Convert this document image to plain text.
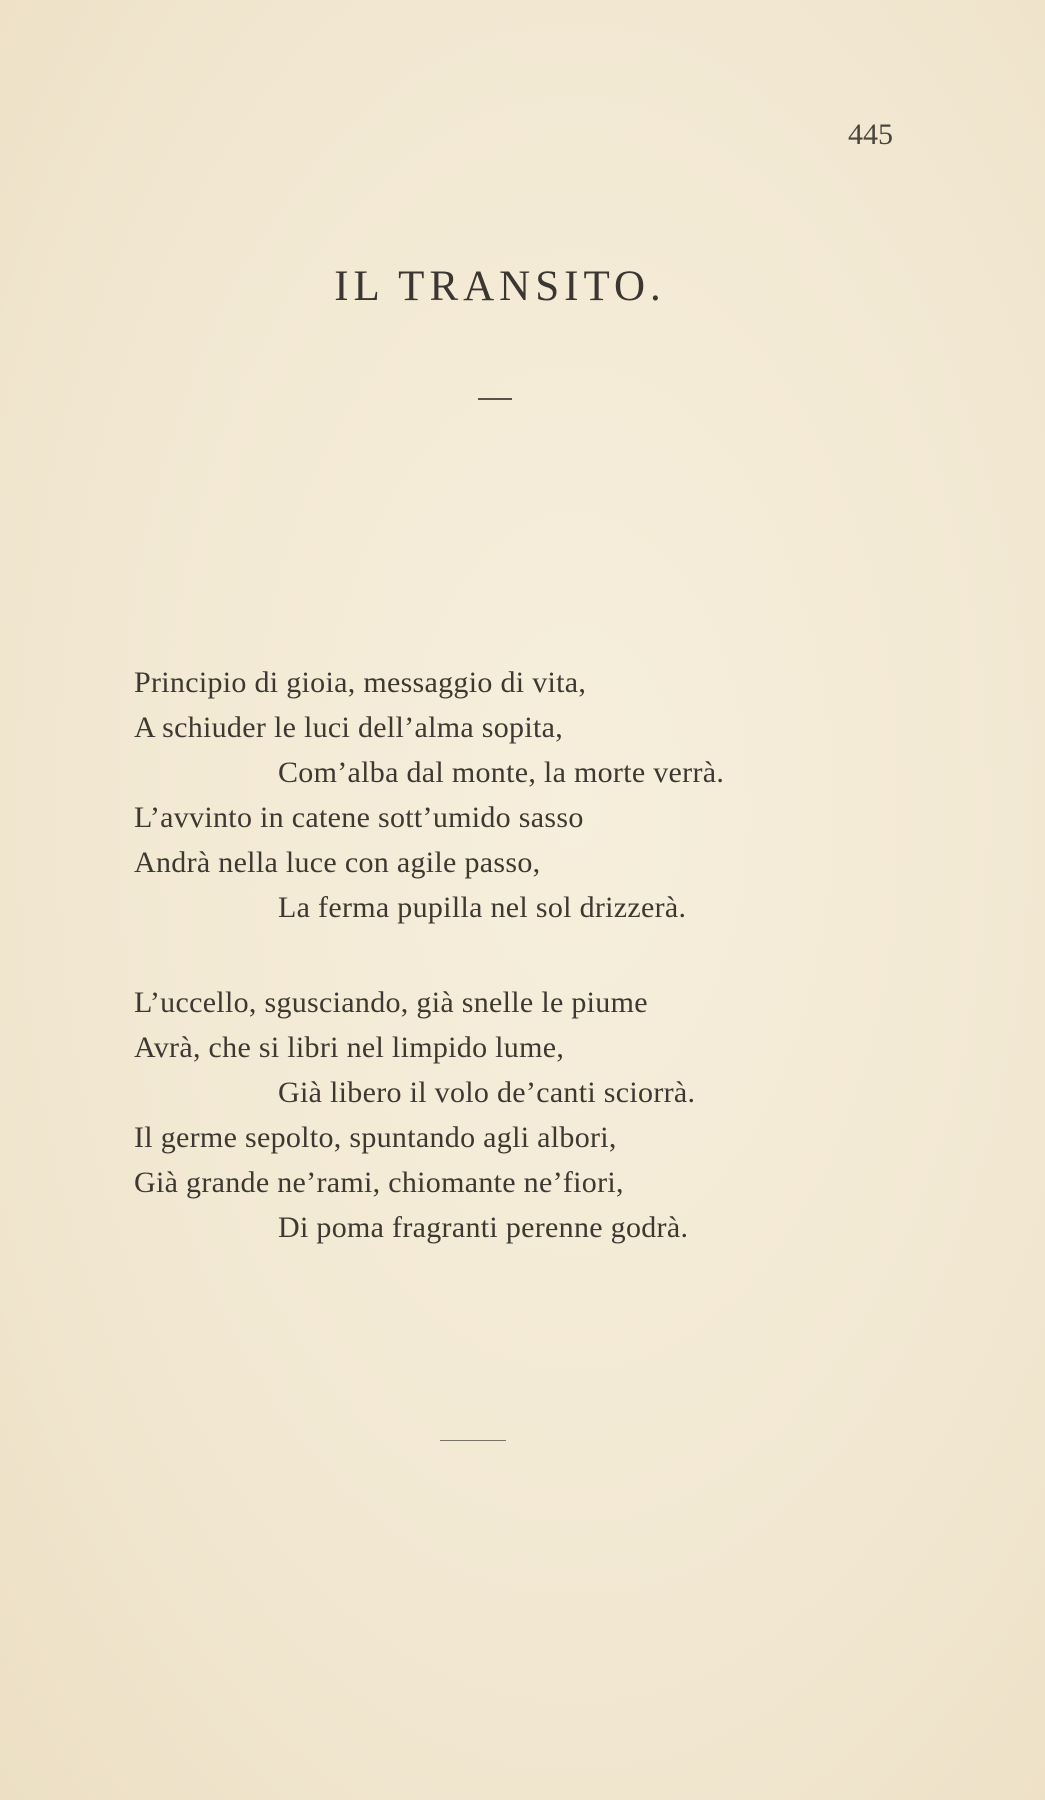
445
IL TRANSITO.
Principio di gioia, messaggio di vita,
A schiuder le luci dell’alma sopita,
Com’alba dal monte, la morte verrà.
L’avvinto in catene sott’umido sasso
Andrà nella luce con agile passo,
La ferma pupilla nel sol drizzerà.
L’uccello, sgusciando, già snelle le piume
Avrà, che si libri nel limpido lume,
Già libero il volo de’canti sciorrà.
Il germe sepolto, spuntando agli albori,
Già grande ne’rami, chiomante ne’fiori,
Di poma fragranti perenne godrà.
